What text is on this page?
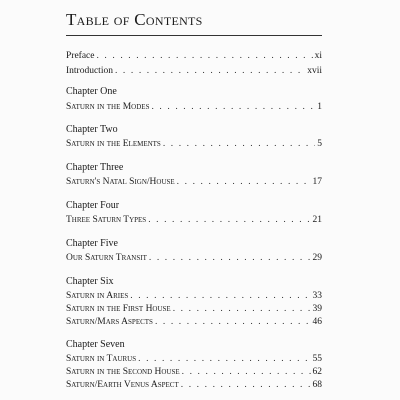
Table of Contents
Preface . . .	xi
Introduction . . .	xvii
Chapter One
Saturn in the Modes . . .	1
Chapter Two
Saturn in the Elements . . .	5
Chapter Three
Saturn's Natal Sign/House . . .	17
Chapter Four
Three Saturn Types . . .	21
Chapter Five
Our Saturn Transit . . .	29
Chapter Six
Saturn in Aries . . .	33
Saturn in the First House . . .	39
Saturn/Mars Aspects . . .	46
Chapter Seven
Saturn in Taurus . . .	55
Saturn in the Second House . . .	62
Saturn/Earth Venus Aspect . . .	68
